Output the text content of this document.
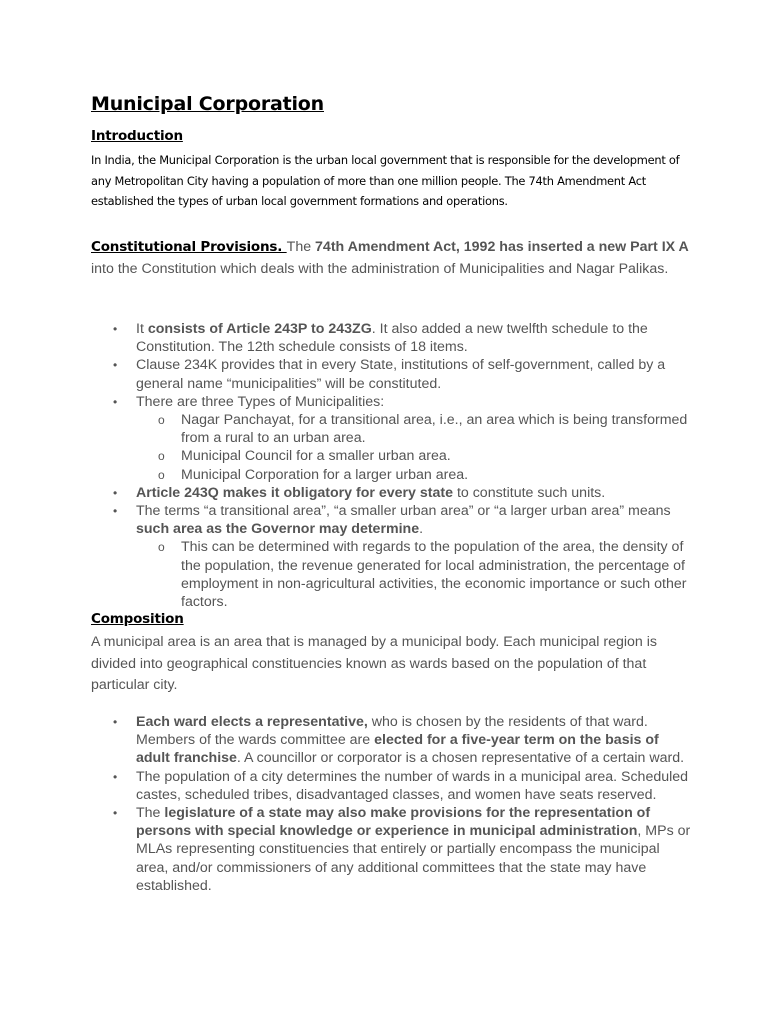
Municipal Corporation
Introduction

In India, the Municipal Corporation is the urban local government that is responsible for the development of any Metropolitan City having a population of more than one million people. The 74th Amendment Act established the types of urban local government formations and operations.

Constitutional Provisions. The 74th Amendment Act, 1992 has inserted a new Part IX A into the Constitution which deals with the administration of Municipalities and Nagar Palikas.

• It consists of Article 243P to 243ZG. It also added a new twelfth schedule to the Constitution. The 12th schedule consists of 18 items.
• Clause 234K provides that in every State, institutions of self-government, called by a general name “municipalities” will be constituted.
• There are three Types of Municipalities:
o Nagar Panchayat, for a transitional area, i.e., an area which is being transformed from a rural to an urban area.
o Municipal Council for a smaller urban area.
o Municipal Corporation for a larger urban area.
• Article 243Q makes it obligatory for every state to constitute such units.
• The terms “a transitional area”, “a smaller urban area” or “a larger urban area” means such area as the Governor may determine.
o This can be determined with regards to the population of the area, the density of the population, the revenue generated for local administration, the percentage of employment in non-agricultural activities, the economic importance or such other factors.
Composition

A municipal area is an area that is managed by a municipal body. Each municipal region is divided into geographical constituencies known as wards based on the population of that particular city.

• Each ward elects a representative, who is chosen by the residents of that ward. Members of the wards committee are elected for a five-year term on the basis of adult franchise. A councillor or corporator is a chosen representative of a certain ward.
• The population of a city determines the number of wards in a municipal area. Scheduled castes, scheduled tribes, disadvantaged classes, and women have seats reserved.
• The legislature of a state may also make provisions for the representation of persons with special knowledge or experience in municipal administration, MPs or MLAs representing constituencies that entirely or partially encompass the municipal area, and/or commissioners of any additional committees that the state may have established.
